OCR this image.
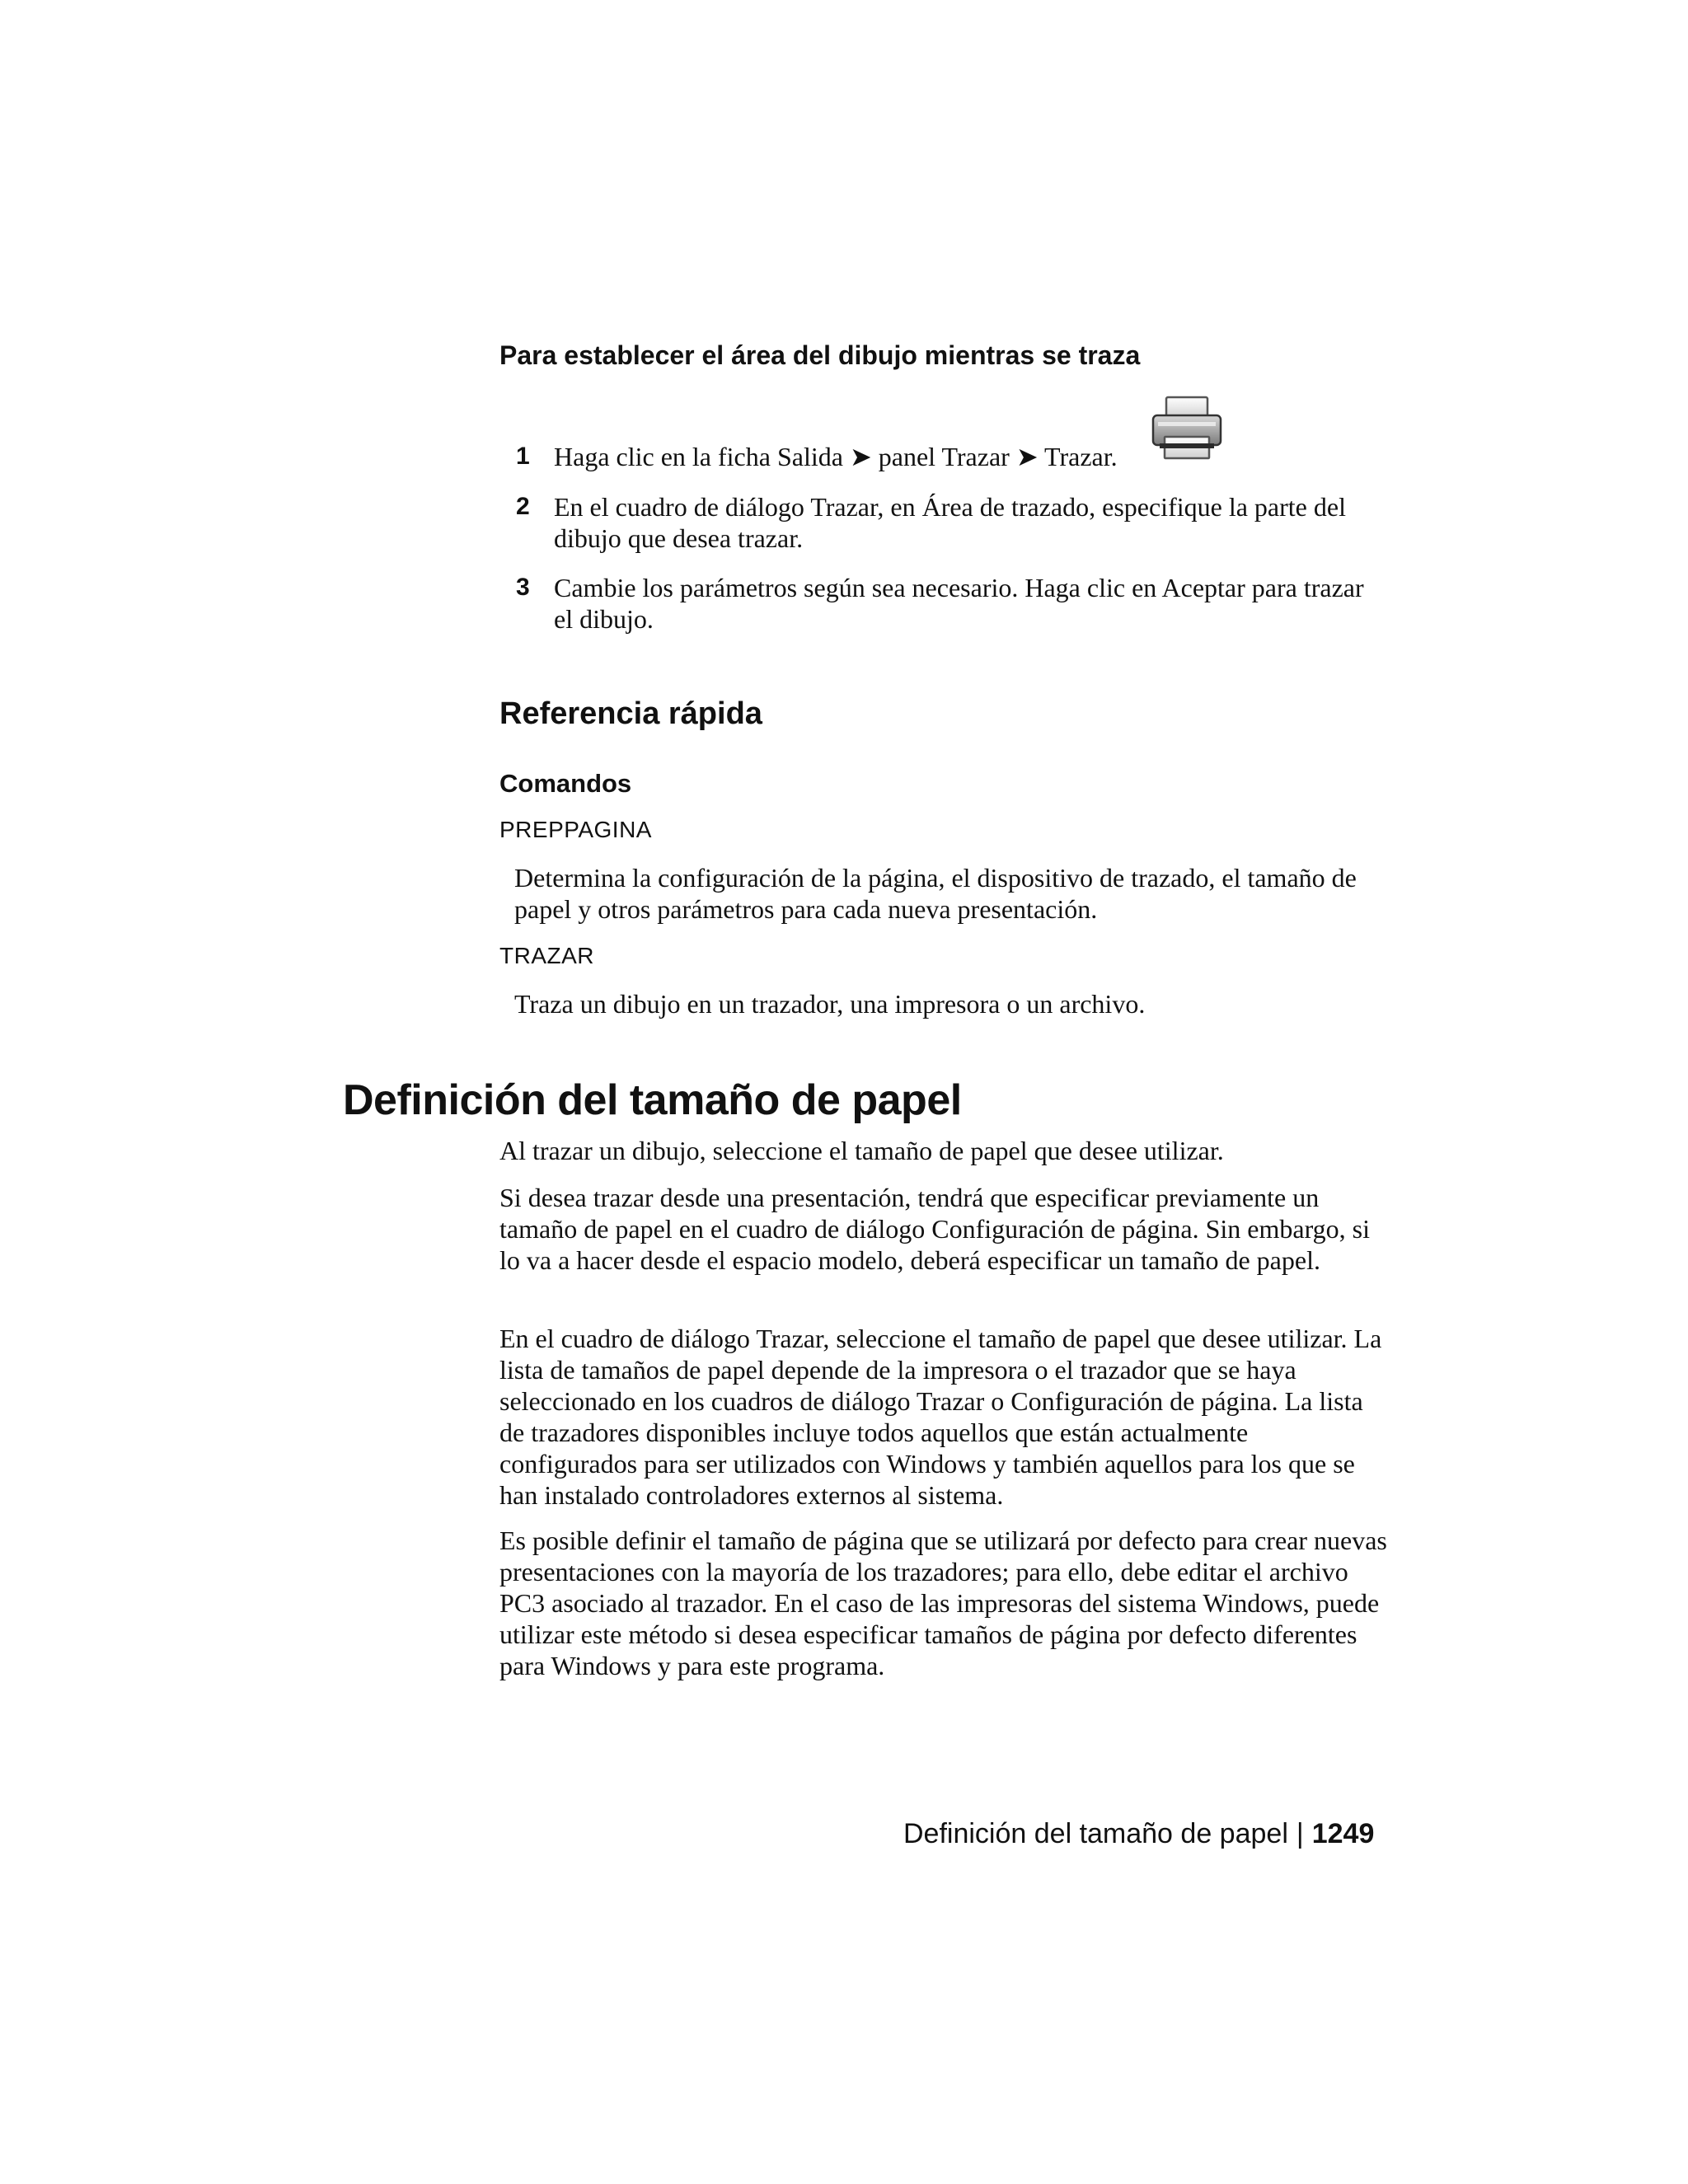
Para establecer el área del dibujo mientras se traza
1 Haga clic en la ficha Salida ➤ panel Trazar ➤ Trazar.
2 En el cuadro de diálogo Trazar, en Área de trazado, especifique la parte del dibujo que desea trazar.
3 Cambie los parámetros según sea necesario. Haga clic en Aceptar para trazar el dibujo.
Referencia rápida
Comandos
PREPPAGINA
Determina la configuración de la página, el dispositivo de trazado, el tamaño de papel y otros parámetros para cada nueva presentación.
TRAZAR
Traza un dibujo en un trazador, una impresora o un archivo.
Definición del tamaño de papel
Al trazar un dibujo, seleccione el tamaño de papel que desee utilizar.
Si desea trazar desde una presentación, tendrá que especificar previamente un tamaño de papel en el cuadro de diálogo Configuración de página. Sin embargo, si lo va a hacer desde el espacio modelo, deberá especificar un tamaño de papel.
En el cuadro de diálogo Trazar, seleccione el tamaño de papel que desee utilizar. La lista de tamaños de papel depende de la impresora o el trazador que se haya seleccionado en los cuadros de diálogo Trazar o Configuración de página. La lista de trazadores disponibles incluye todos aquellos que están actualmente configurados para ser utilizados con Windows y también aquellos para los que se han instalado controladores externos al sistema.
Es posible definir el tamaño de página que se utilizará por defecto para crear nuevas presentaciones con la mayoría de los trazadores; para ello, debe editar el archivo PC3 asociado al trazador. En el caso de las impresoras del sistema Windows, puede utilizar este método si desea especificar tamaños de página por defecto diferentes para Windows y para este programa.
Definición del tamaño de papel | 1249
